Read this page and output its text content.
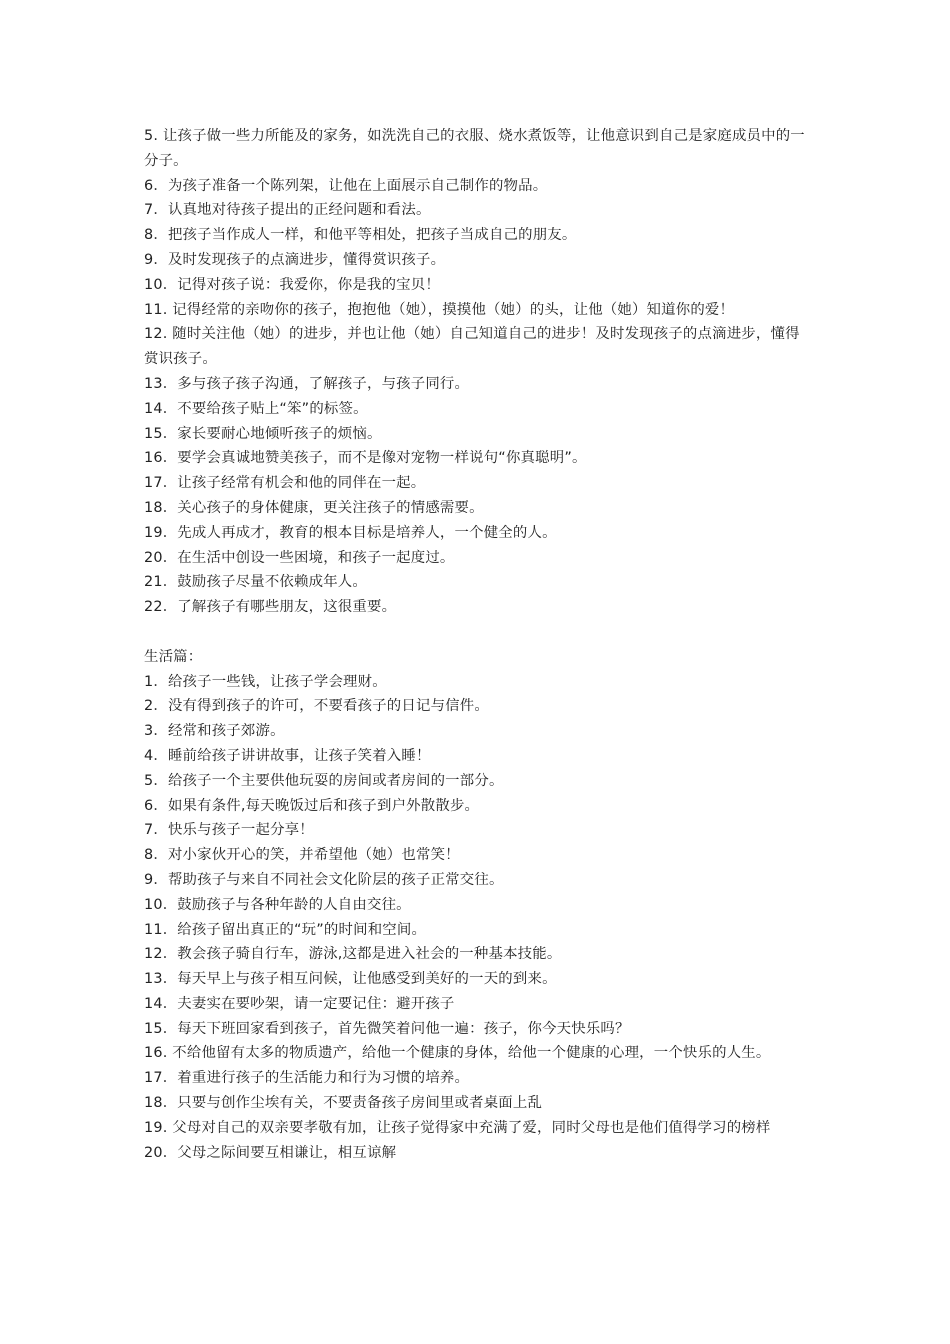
5. 让孩子做一些力所能及的家务，如洗洗自己的衣服、烧水煮饭等，让他意识到自己是家庭成员中的一分子。

6．为孩子准备一个陈列架，让他在上面展示自己制作的物品。

7．认真地对待孩子提出的正经问题和看法。

8．把孩子当作成人一样，和他平等相处，把孩子当成自己的朋友。

9．及时发现孩子的点滴进步，懂得赏识孩子。

10．记得对孩子说：我爱你，你是我的宝贝！

11. 记得经常的亲吻你的孩子，抱抱他（她），摸摸他（她）的头，让他（她）知道你的爱！

12. 随时关注他（她）的进步，并也让他（她）自己知道自己的进步！及时发现孩子的点滴进步，懂得赏识孩子。

13．多与孩子孩子沟通，了解孩子，与孩子同行。

14．不要给孩子贴上“笨”的标签。

15．家长要耐心地倾听孩子的烦恼。

16．要学会真诚地赞美孩子，而不是像对宠物一样说句“你真聪明”。

17．让孩子经常有机会和他的同伴在一起。

18．关心孩子的身体健康，更关注孩子的情感需要。

19．先成人再成才，教育的根本目标是培养人，一个健全的人。

20．在生活中创设一些困境，和孩子一起度过。

21．鼓励孩子尽量不依赖成年人。

22．了解孩子有哪些朋友，这很重要。

生活篇：

1．给孩子一些钱，让孩子学会理财。

2．没有得到孩子的许可，不要看孩子的日记与信件。

3．经常和孩子郊游。

4．睡前给孩子讲讲故事，让孩子笑着入睡！

5．给孩子一个主要供他玩耍的房间或者房间的一部分。

6．如果有条件,每天晚饭过后和孩子到户外散散步。

7．快乐与孩子一起分享！

8．对小家伙开心的笑，并希望他（她）也常笑！

9．帮助孩子与来自不同社会文化阶层的孩子正常交往。

10．鼓励孩子与各种年龄的人自由交往。

11．给孩子留出真正的“玩”的时间和空间。

12．教会孩子骑自行车，游泳,这都是进入社会的一种基本技能。

13．每天早上与孩子相互问候，让他感受到美好的一天的到来。

14．夫妻实在要吵架，请一定要记住：避开孩子

15．每天下班回家看到孩子，首先微笑着问他一遍：孩子，你今天快乐吗？

16. 不给他留有太多的物质遗产，给他一个健康的身体，给他一个健康的心理，一个快乐的人生。

17．着重进行孩子的生活能力和行为习惯的培养。

18．只要与创作尘埃有关，不要责备孩子房间里或者桌面上乱

19. 父母对自己的双亲要孝敬有加，让孩子觉得家中充满了爱，同时父母也是他们值得学习的榜样

20．父母之际间要互相谦让，相互谅解
